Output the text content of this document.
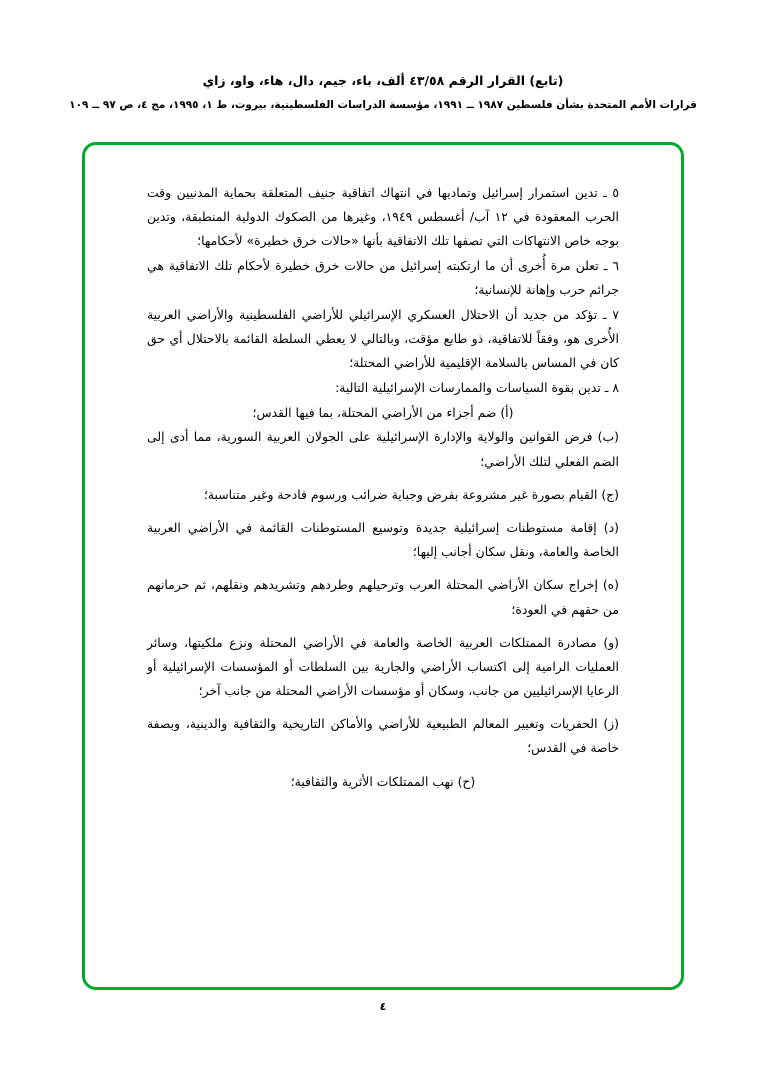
(تابع) القرار الرقم ٤٣/٥٨ ألف، باء، جيم، دال، هاء، واو، زاي
قرارات الأمم المتحدة بشأن فلسطين ١٩٨٧ ــ ١٩٩١، مؤسسة الدراسات الفلسطينية، بيروت، ط ١، ١٩٩٥، مج ٤، ص ٩٧ ــ ١٠٩

٥ ـ تدين استمرار إسرائيل وتماديها في انتهاك اتفاقية جنيف المتعلقة بحماية المدنيين وقت الحرب المعقودة في ١٢ آب/ أغسطس ١٩٤٩، وغيرها من الصكوك الدولية المنطبقة، وتدين بوجه خاص الانتهاكات التي تصفها تلك الاتفاقية بأنها «حالات خرق خطيرة» لأحكامها؛

٦ ـ تعلن مرة أُخرى أن ما ارتكبته إسرائيل من حالات خرق خطيرة لأحكام تلك الاتفاقية هي جرائم حرب وإهانة للإنسانية؛

٧ ـ تؤكد من جديد أن الاحتلال العسكري الإسرائيلي للأراضي الفلسطينية والأراضي العربية الأُخرى هو، وفقاً للاتفاقية، ذو طابع مؤقت، وبالتالي لا يعطي السلطة القائمة بالاحتلال أي حق كان في المساس بالسلامة الإقليمية للأراضي المحتلة؛

٨ ـ تدين بقوة السياسات والممارسات الإسرائيلية التالية:

(أ) ضم أجزاء من الأراضي المحتلة، بما فيها القدس؛

(ب) فرض القوانين والولاية والإدارة الإسرائيلية على الجولان العربية السورية، مما أدى إلى الضم الفعلي لتلك الأراضي؛

(ج) القيام بصورة غير مشروعة بفرض وجباية ضرائب ورسوم فادحة وغير متناسبة؛

(د) إقامة مستوطنات إسرائيلية جديدة وتوسيع المستوطنات القائمة في الأراضي العربية الخاصة والعامة، ونقل سكان أجانب إليها؛

(ه) إخراج سكان الأراضي المحتلة العرب وترحيلهم وطردهم وتشريدهم ونقلهم، ثم حرمانهم من حقهم في العودة؛

(و) مصادرة الممتلكات العربية الخاصة والعامة في الأراضي المحتلة ونزع ملكيتها، وسائر العمليات الرامية إلى اكتساب الأراضي والجارية بين السلطات أو المؤسسات الإسرائيلية أو الرعايا الإسرائيليين من جانب، وسكان أو مؤسسات الأراضي المحتلة من جانب آخر؛

(ز) الحفريات وتغيير المعالم الطبيعية للأراضي والأماكن التاريخية والثقافية والدينية، وبصفة خاصة في القدس؛

(ح) نهب الممتلكات الأثرية والثقافية؛

٤
